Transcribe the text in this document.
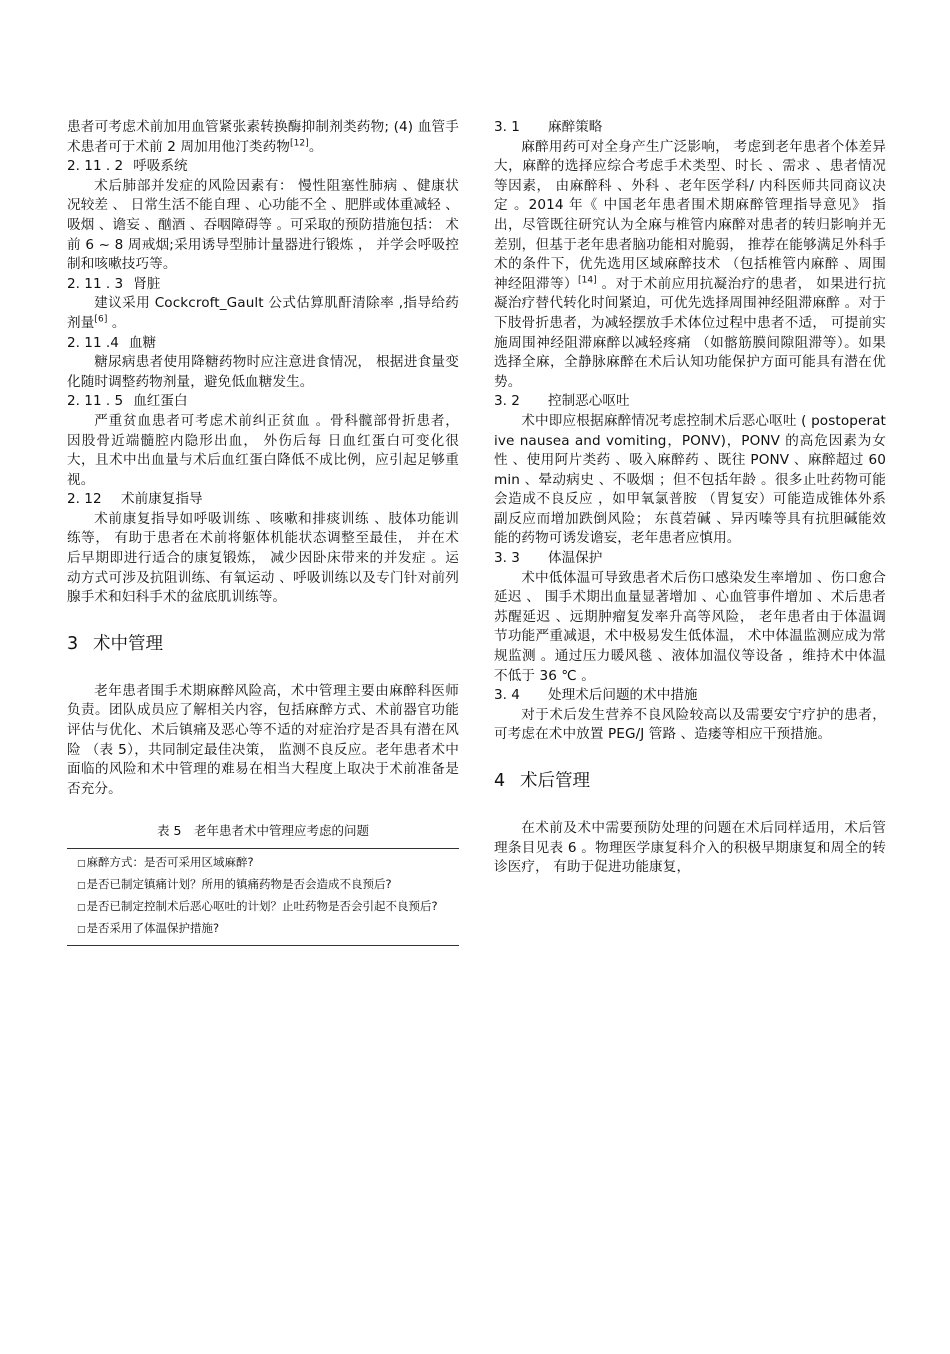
患者可考虑术前加用血管紧张素转换酶抑制剂类药物; (4) 血管手术患者可于术前 2 周加用他汀类药物[12]。

2. 11 . 2 呼吸系统

术后肺部并发症的风险因素有： 慢性阻塞性肺病 、健康状况较差 、 日常生活不能自理 、心功能不全 、肥胖或体重减轻 、吸烟 、谵妄 、酗酒 、吞咽障碍等 。可采取的预防措施包括： 术前 6 ~ 8 周戒烟;采用诱导型肺计量器进行锻炼 ， 并学会呼吸控制和咳嗽技巧等。

2. 11 . 3 肾脏

建议采用 Cockcroft_Gault 公式估算肌酐清除率 ,指导给药剂量[6] 。

2. 11 .4 血糖

糖尿病患者使用降糖药物时应注意进食情况， 根据进食量变化随时调整药物剂量，避免低血糖发生。

2. 11 . 5 血红蛋白

严重贫血患者可考虑术前纠正贫血 。骨科髋部骨折患者， 因股骨近端髓腔内隐形出血， 外伤后每 日血红蛋白可变化很大，且术中出血量与术后血红蛋白降低不成比例，应引起足够重视。

2. 12 术前康复指导

术前康复指导如呼吸训练 、咳嗽和排痰训练 、肢体功能训练等， 有助于患者在术前将躯体机能状态调整至最佳， 并在术后早期即进行适合的康复锻炼， 减少因卧床带来的并发症 。运动方式可涉及抗阻训练、有氧运动 、呼吸训练以及专门针对前列腺手术和妇科手术的盆底肌训练等。

3 术中管理

老年患者围手术期麻醉风险高，术中管理主要由麻醉科医师负责。团队成员应了解相关内容，包括麻醉方式、术前器官功能评估与优化、术后镇痛及恶心等不适的对症治疗是否具有潜在风险 （表 5），共同制定最佳决策， 监测不良反应。老年患者术中面临的风险和术中管理的难易在相当大程度上取决于术前准备是否充分。

表 5　老年患者术中管理应考虑的问题
□麻醉方式：是否可采用区域麻醉?
□是否已制定镇痛计划？所用的镇痛药物是否会造成不良预后?
□是否已制定控制术后恶心呕吐的计划？止吐药物是否会引起不良预后?
□是否采用了体温保护措施?
3. 1 麻醉策略

麻醉用药可对全身产生广泛影响， 考虑到老年患者个体差异大，麻醉的选择应综合考虑手术类型、时长 、需求 、患者情况等因素， 由麻醉科 、外科 、老年医学科/ 内科医师共同商议决定 。2014 年《 中国老年患者围术期麻醉管理指导意见》 指出，尽管既往研究认为全麻与椎管内麻醉对患者的转归影响并无差别，但基于老年患者脑功能相对脆弱， 推荐在能够满足外科手术的条件下，优先选用区域麻醉技术 （包括椎管内麻醉 、周围神经阻滞等）[14] 。对于术前应用抗凝治疗的患者， 如果进行抗凝治疗替代转化时间紧迫，可优先选择周围神经阻滞麻醉 。对于下肢骨折患者，为减轻摆放手术体位过程中患者不适， 可提前实施周围神经阻滞麻醉以减轻疼痛 （如髂筋膜间隙阻滞等）。如果选择全麻，全静脉麻醉在术后认知功能保护方面可能具有潜在优势。

3. 2 控制恶心呕吐

术中即应根据麻醉情况考虑控制术后恶心呕吐 ( postoperative nausea and vomiting，PONV)，PONV 的高危因素为女性 、使用阿片类药 、吸入麻醉药 、既往 PONV 、麻醉超过 60 min 、晕动病史 、不吸烟 ；但不包括年龄 。很多止吐药物可能会造成不良反应 ，如甲氧氯普胺 （胃复安）可能造成锥体外系副反应而增加跌倒风险； 东莨菪碱 、异丙嗪等具有抗胆碱能效能的药物可诱发谵妄，老年患者应慎用。

3. 3 体温保护

术中低体温可导致患者术后伤口感染发生率增加 、伤口愈合延迟 、 围手术期出血量显著增加 、心血管事件增加 、术后患者苏醒延迟 、远期肿瘤复发率升高等风险， 老年患者由于体温调节功能严重减退，术中极易发生低体温， 术中体温监测应成为常规监测 。通过压力暖风毯 、液体加温仪等设备 ，维持术中体温不低于 36 ℃ 。

3. 4 处理术后问题的术中措施

对于术后发生营养不良风险较高以及需要安宁疗护的患者， 可考虑在术中放置 PEG/J 管路 、造瘘等相应干预措施。

4 术后管理

在术前及术中需要预防处理的问题在术后同样适用，术后管理条目见表 6 。物理医学康复科介入的积极早期康复和周全的转诊医疗， 有助于促进功能康复，
